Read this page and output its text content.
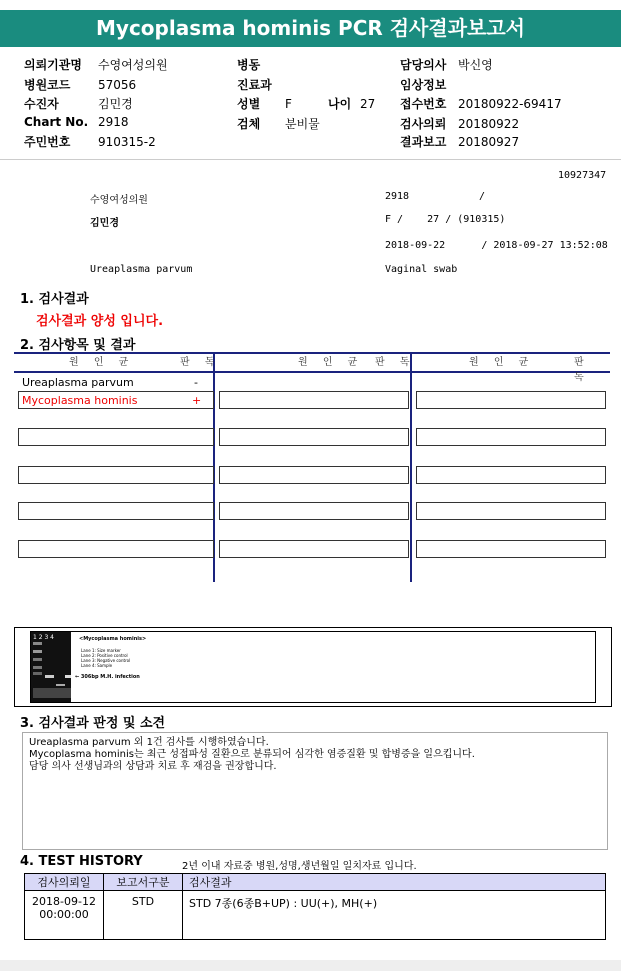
Mycoplasma hominis PCR 검사결과보고서
의뢰기관명 수영여성의원
병원코드 57056
수진자	김민경
Chart No. 2918
주민번호 910315-2
병동
진료과
성별 F	나이 27
검체 분비물
담당의사 박신영
임상정보
접수번호 20180922-69417
검사의뢰 20180922
결과보고 20180927
10927347
수영여성의원	2918	/
김민경	F /    27 / (910315)
2018-09-22      / 2018-09-27 13:52:08
Ureaplasma parvum	Vaginal swab
1. 검사결과
검사결과 양성 입니다.
2. 검사항목 및 결과
원 인 균	판 독	원 인 균 판 독	원 인 균	판 독
Ureaplasma parvum	-
Mycoplasma hominis	+
1 2 3 4	<Mycoplasma hominis>
Lane 1: Size marker
Lane 2: Positive control
Lane 3: Negative control
Lane 4: Sample
← 306bp M.H. infection
3. 검사결과 판정 및 소견
Ureaplasma parvum 외 1건 검사를 시행하였습니다.
Mycoplasma hominis는 최근 성접파성 질환으로 분류되어 심각한 염증질환 및 합병증을 일으킵니다.
담당 의사 선생님과의 상담과 치료 후 재검을 권장합니다.
4. TEST HISTORY	2년 이내 자료중 병원,성명,생년월일 일치자료 입니다.
검사의뢰일	보고서구분	검사결과

2018-09-12
00:00:00	STD	STD 7종(6종B+UP) : UU(+), MH(+)
